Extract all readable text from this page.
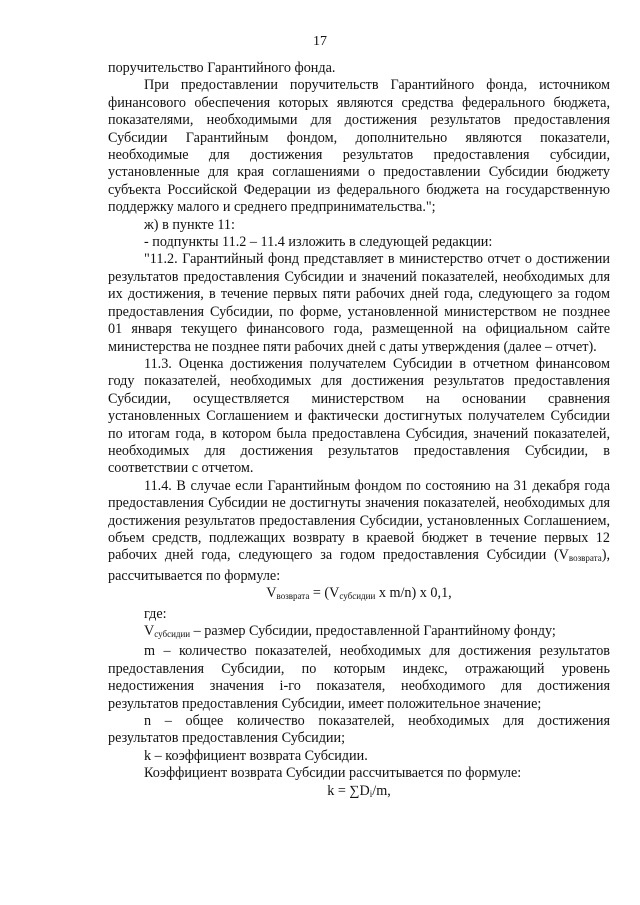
17

поручительство Гарантийного фонда.

При предоставлении поручительств Гарантийного фонда, источником финансового обеспечения которых являются средства федерального бюджета, показателями, необходимыми для достижения результатов предоставления Субсидии Гарантийным фондом, дополнительно являются показатели, необходимые для достижения результатов предоставления субсидии, установленные для края соглашениями о предоставлении Субсидии бюджету субъекта Российской Федерации из федерального бюджета на государственную поддержку малого и среднего предпринимательства.";

ж) в пункте 11:

- подпункты 11.2 – 11.4 изложить в следующей редакции:

"11.2. Гарантийный фонд представляет в министерство отчет о достижении результатов предоставления Субсидии и значений показателей, необходимых для их достижения, в течение первых пяти рабочих дней года, следующего за годом предоставления Субсидии, по форме, установленной министерством не позднее 01 января текущего финансового года, размещенной на официальном сайте министерства не позднее пяти рабочих дней с даты утверждения (далее – отчет).

11.3. Оценка достижения получателем Субсидии в отчетном финансовом году показателей, необходимых для достижения результатов предоставления Субсидии, осуществляется министерством на основании сравнения установленных Соглашением и фактически достигнутых получателем Субсидии по итогам года, в котором была предоставлена Субсидия, значений показателей, необходимых для достижения результатов предоставления Субсидии, в соответствии с отчетом.

11.4. В случае если Гарантийным фондом по состоянию на 31 декабря года предоставления Субсидии не достигнуты значения показателей, необходимых для достижения результатов предоставления Субсидии, установленных Соглашением, объем средств, подлежащих возврату в краевой бюджет в течение первых 12 рабочих дней года, следующего за годом предоставления Субсидии $(V_{возврата})$, рассчитывается по формуле:

$V_{возврата} = (V_{субсидии}$ x m/n) x 0,1,

где:

$V_{субсидии}$ – размер Субсидии, предоставленной Гарантийному фонду;

m – количество показателей, необходимых для достижения результатов предоставления Субсидии, по которым индекс, отражающий уровень недостижения значения i-го показателя, необходимого для достижения результатов предоставления Субсидии, имеет положительное значение;

n – общее количество показателей, необходимых для достижения результатов предоставления Субсидии;

k – коэффициент возврата Субсидии.

Коэффициент возврата Субсидии рассчитывается по формуле:

$k = \sum D_i/m$,
